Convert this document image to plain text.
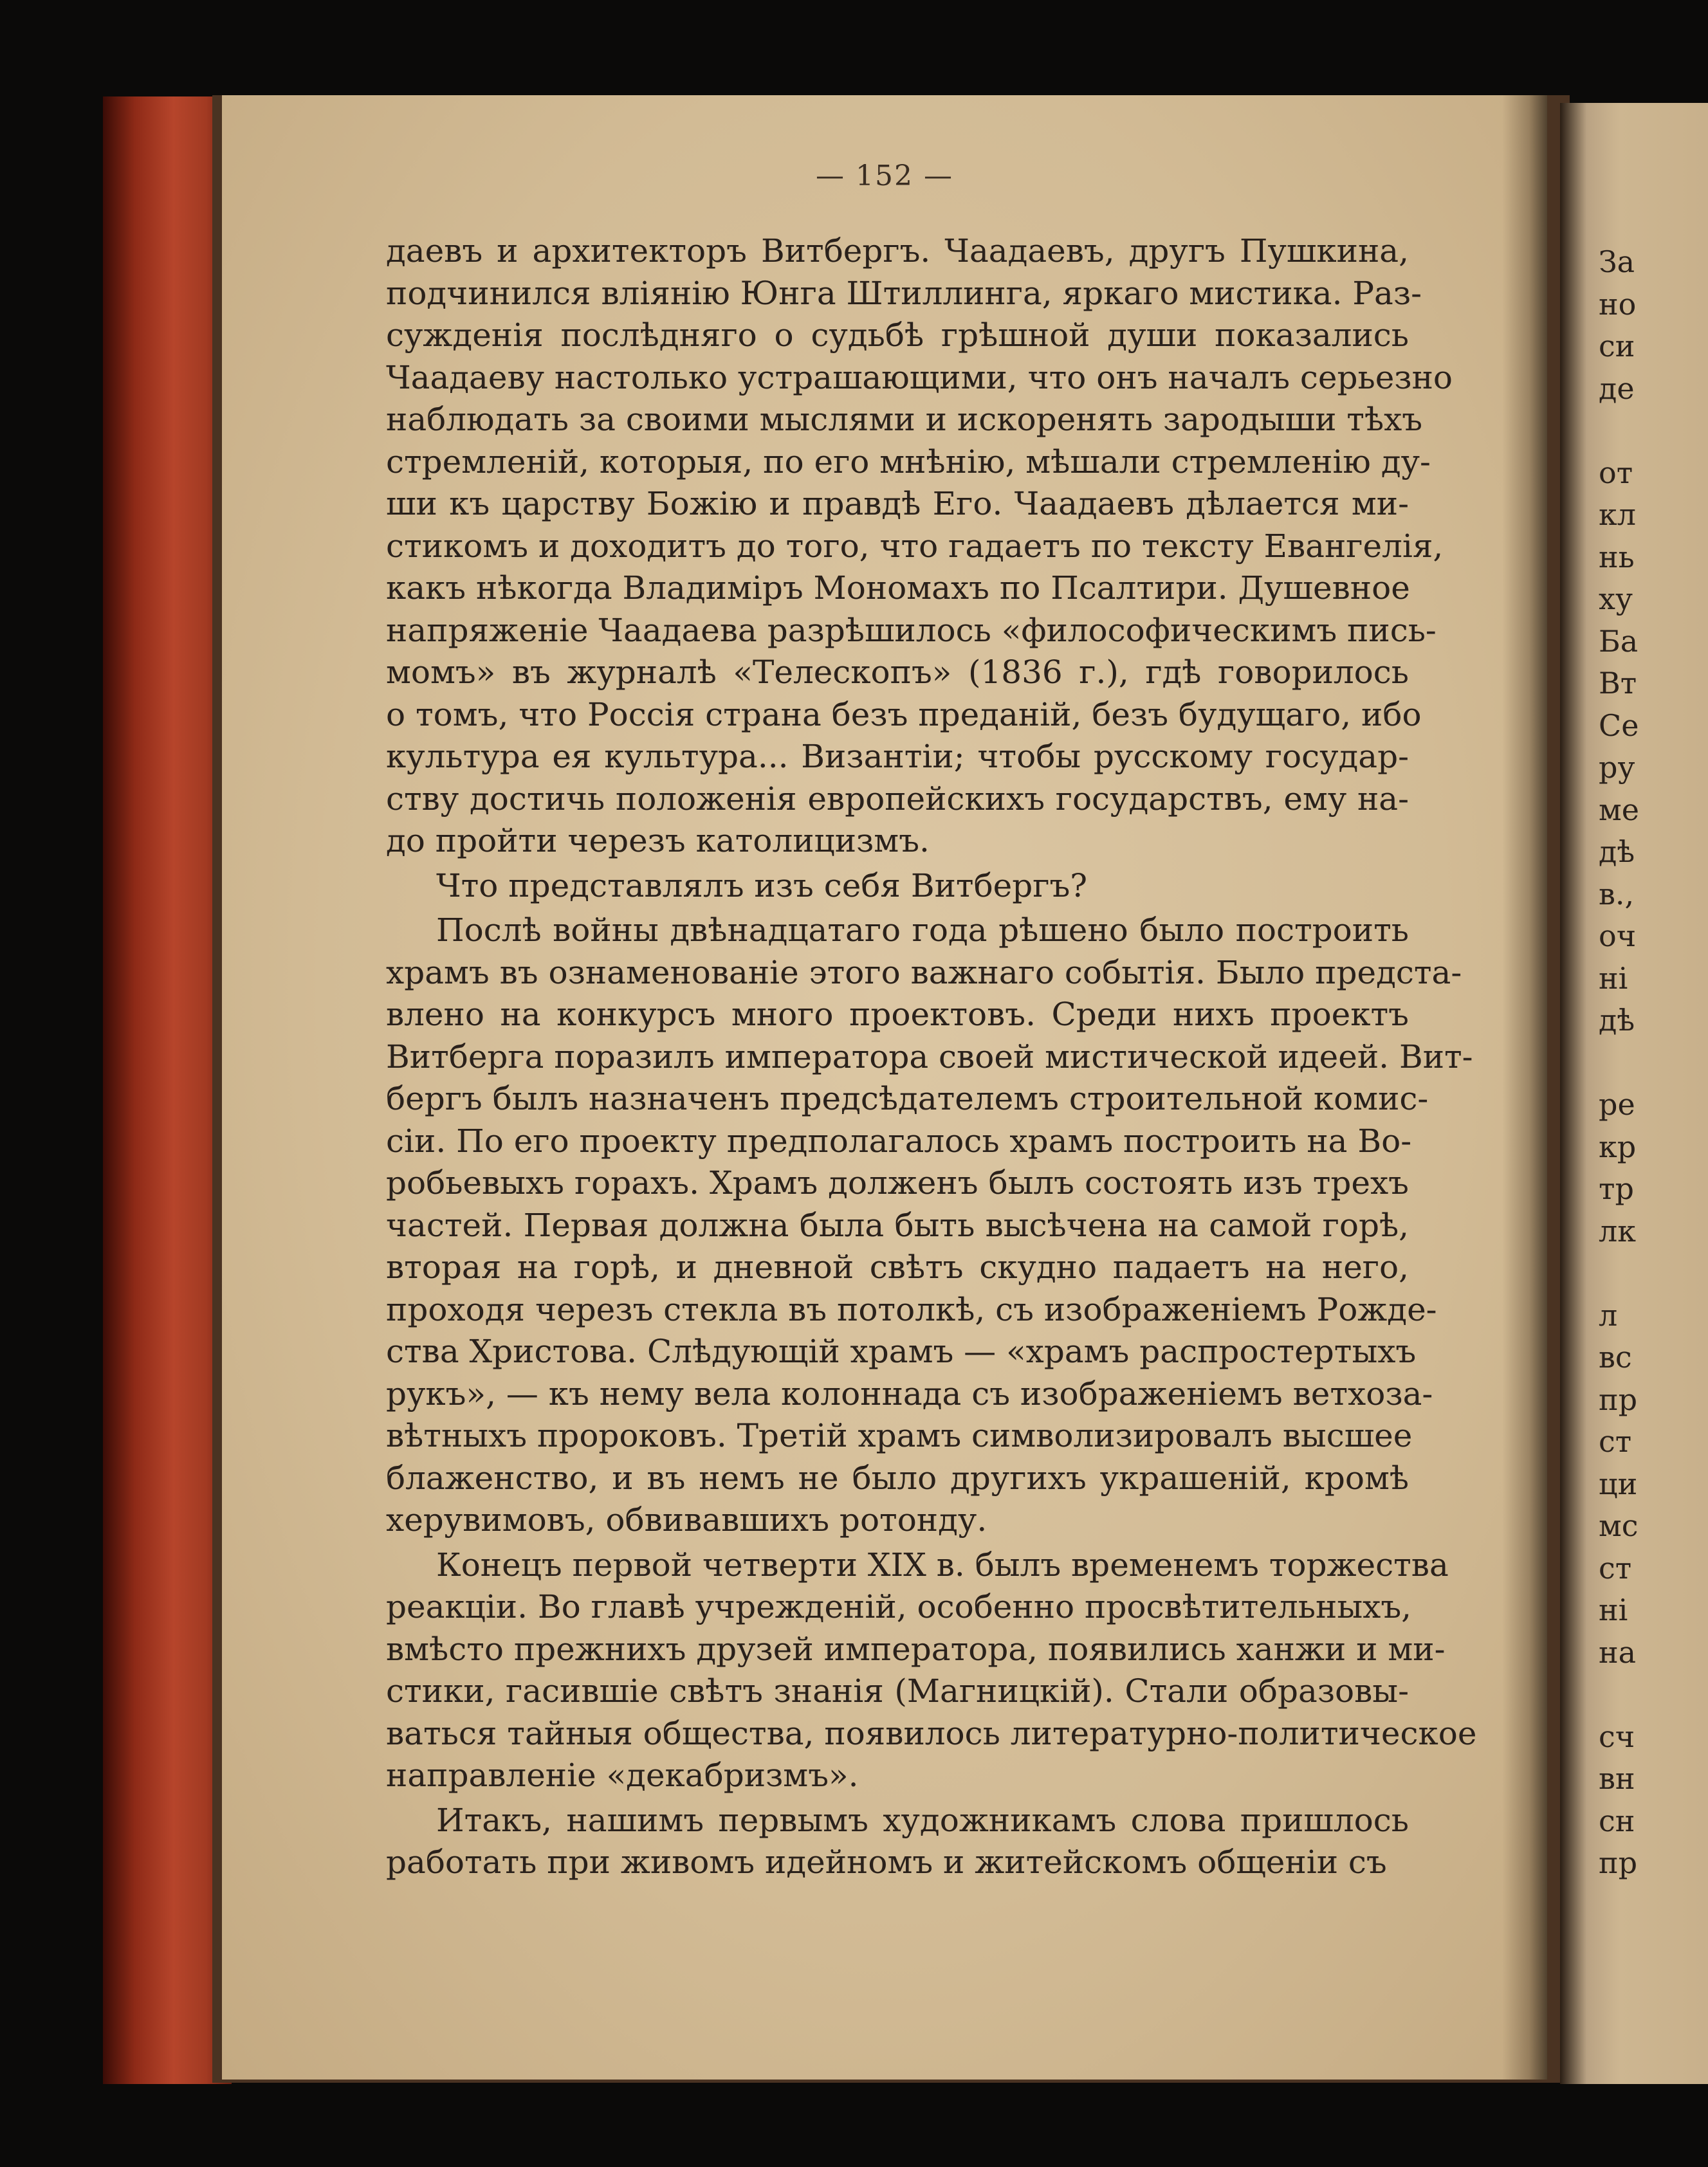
— 152 —
даевъ и архитекторъ Витбергъ. Чаадаевъ, другъ Пушкина,
подчинился влiянiю Юнга Штиллинга, яркаго мистика. Раз-
сужденiя послѣдняго о судьбѣ грѣшной души показались
Чаадаеву настолько устрашающими, что онъ началъ серьезно
наблюдать за своими мыслями и искоренять зародыши тѣхъ
стремленiй, которыя, по его мнѣнiю, мѣшали стремленiю ду-
ши къ царству Божiю и правдѣ Его. Чаадаевъ дѣлается ми-
стикомъ и доходитъ до того, что гадаетъ по тексту Евангелiя,
какъ нѣкогда Владимiръ Мономахъ по Псалтири. Душевное
напряженiе Чаадаева разрѣшилось «философическимъ пись-
момъ» въ журналѣ «Телескопъ» (1836 г.), гдѣ говорилось
о томъ, что Россiя страна безъ преданiй, безъ будущаго, ибо
культура ея культура... Византiи; чтобы русскому государ-
ству достичь положенiя европейскихъ государствъ, ему на-
до пройти черезъ католицизмъ.
Что представлялъ изъ себя Витбергъ?
Послѣ войны двѣнадцатаго года рѣшено было построить
храмъ въ ознаменованiе этого важнаго событiя. Было предста-
влено на конкурсъ много проектовъ. Среди нихъ проектъ
Витберга поразилъ императора своей мистической идеей. Вит-
бергъ былъ назначенъ предсѣдателемъ строительной комис-
сiи. По его проекту предполагалось храмъ построить на Во-
робьевыхъ горахъ. Храмъ долженъ былъ состоять изъ трехъ
частей. Первая должна была быть высѣчена на самой горѣ,
вторая на горѣ, и дневной свѣтъ скудно падаетъ на него,
проходя черезъ стекла въ потолкѣ, съ изображенiемъ Рожде-
ства Христова. Слѣдующiй храмъ — «храмъ распростертыхъ
рукъ», — къ нему вела колоннада съ изображенiемъ ветхоза-
вѣтныхъ пророковъ. Третiй храмъ символизировалъ высшее
блаженство, и въ немъ не было другихъ украшенiй, кромѣ
херувимовъ, обвивавшихъ ротонду.
Конецъ первой четверти XIX в. былъ временемъ торжества
реакцiи. Во главѣ учрежденiй, особенно просвѣтительныхъ,
вмѣсто прежнихъ друзей императора, появились ханжи и ми-
стики, гасившiе свѣтъ знанiя (Магницкiй). Стали образовы-
ваться тайныя общества, появилось литературно-политическое
направленiе «декабризмъ».
Итакъ, нашимъ первымъ художникамъ слова пришлось
работать при живомъ идейномъ и житейскомъ общенiи съ
За
но
си
де
от
кл
нь
ху
Ба
Вт
Се
ру
ме
дѣ
в.,
оч
нi
дѣ
ре
кр
тр
лк
л
вс
пр
ст
ци
мс
ст
нi
на
сч
вн
сн
пр
